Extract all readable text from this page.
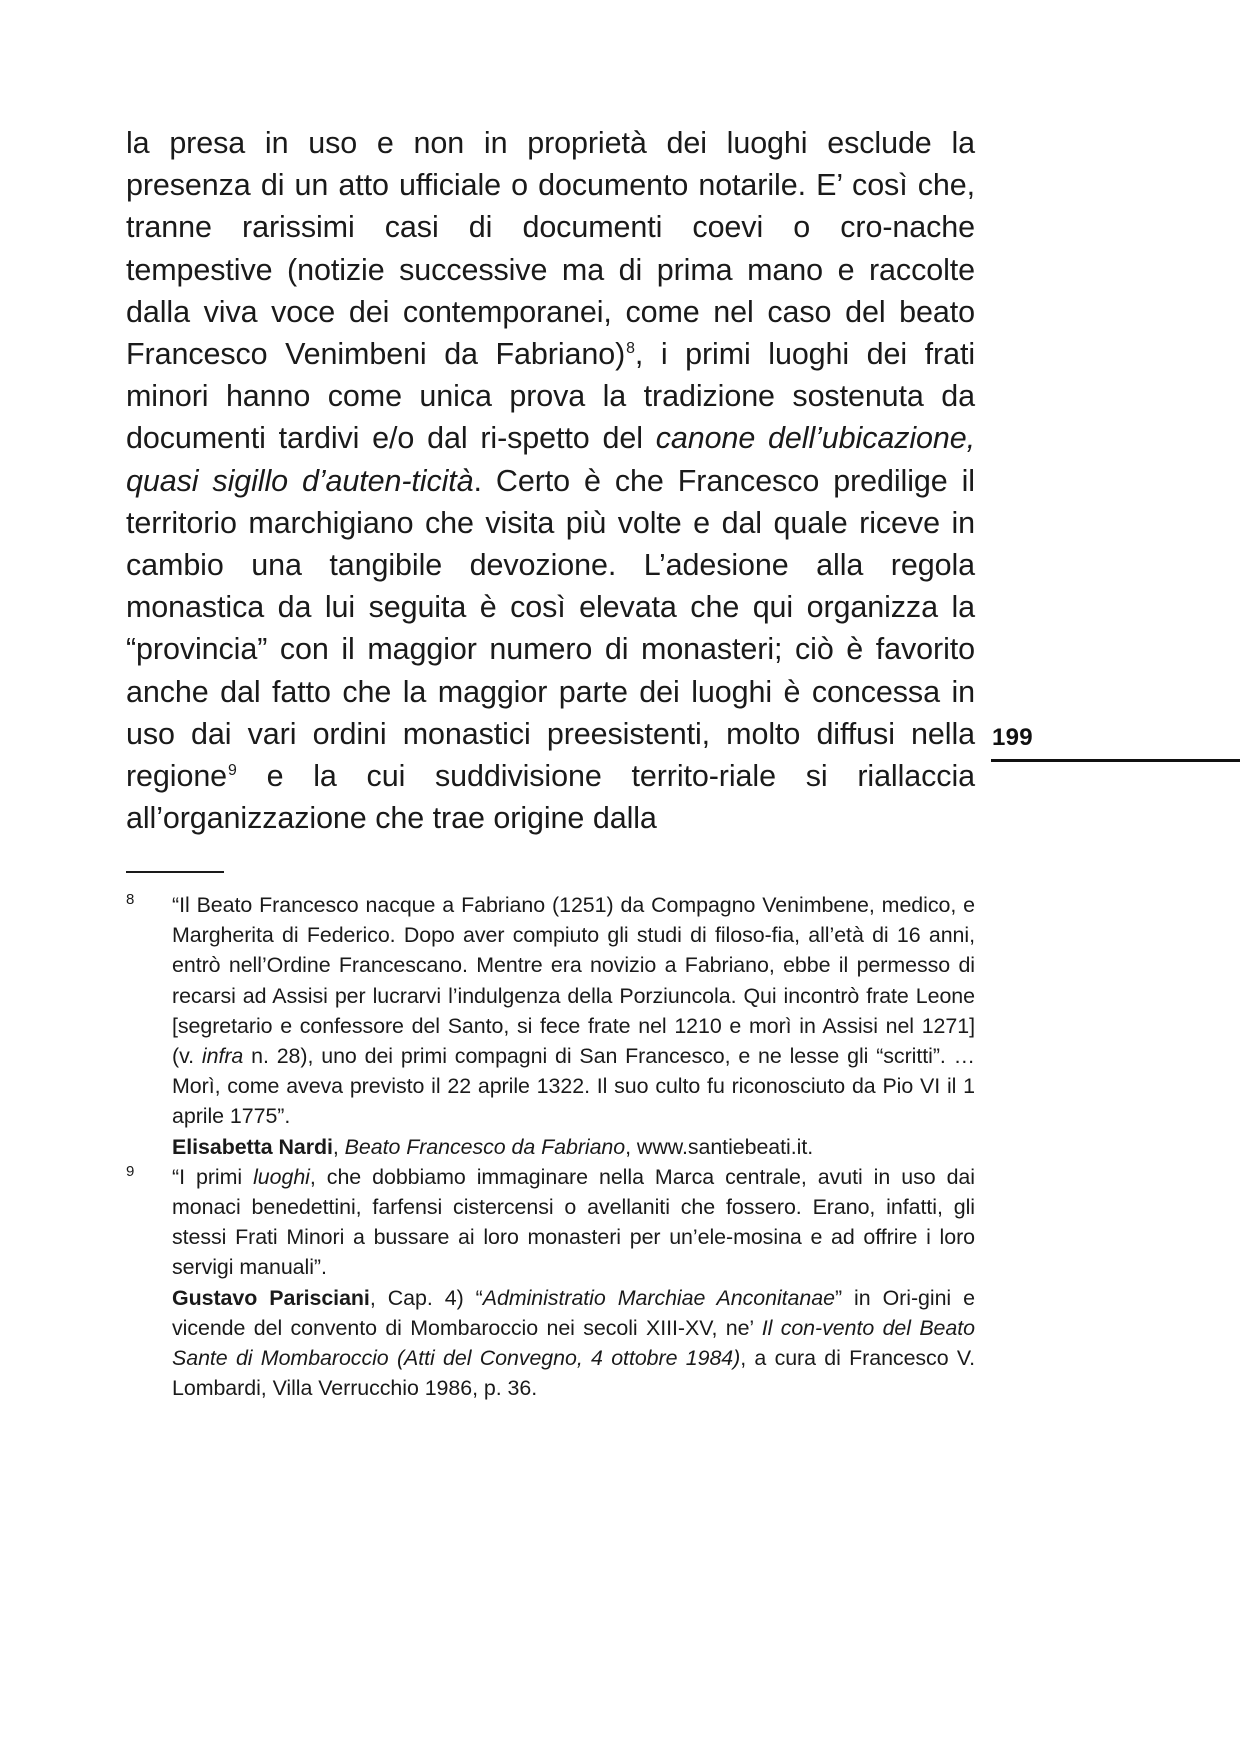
la presa in uso e non in proprietà dei luoghi esclude la presenza di un atto ufficiale o documento notarile. E’ così che, tranne rarissimi casi di documenti coevi o cro-nache tempestive (notizie successive ma di prima mano e raccolte dalla viva voce dei contemporanei, come nel caso del beato Francesco Venimbeni da Fabriano)$^8$, i primi luoghi dei frati minori hanno come unica prova la tradizione sostenuta da documenti tardivi e/o dal ri-spetto del canone dell’ubicazione, quasi sigillo d’auten-ticità. Certo è che Francesco predilige il territorio marchigiano che visita più volte e dal quale riceve in cambio una tangibile devozione. L’adesione alla regola monastica da lui seguita è così elevata che qui organizza la “provincia” con il maggior numero di monasteri; ciò è favorito anche dal fatto che la maggior parte dei luoghi è concessa in uso dai vari ordini monastici preesistenti, molto diffusi nella regione$^9$ e la cui suddivisione territo-riale si riallaccia all’organizzazione che trae origine dalla

199
8	“Il Beato Francesco nacque a Fabriano (1251) da Compagno Venimbene, medico, e Margherita di Federico. Dopo aver compiuto gli studi di filoso-fia, all’età di 16 anni, entrò nell’Ordine Francescano. Mentre era novizio a Fabriano, ebbe il permesso di recarsi ad Assisi per lucrarvi l’indulgenza della Porziuncola. Qui incontrò frate Leone [segretario e confessore del Santo, si fece frate nel 1210 e morì in Assisi nel 1271] (v. infra n. 28), uno dei primi compagni di San Francesco, e ne lesse gli “scritti”. … Morì, come aveva previsto il 22 aprile 1322. Il suo culto fu riconosciuto da Pio VI il 1 aprile 1775”.

Elisabetta Nardi, Beato Francesco da Fabriano, www.santiebeati.it.

9	“I primi luoghi, che dobbiamo immaginare nella Marca centrale, avuti in uso dai monaci benedettini, farfensi cistercensi o avellaniti che fossero. Erano, infatti, gli stessi Frati Minori a bussare ai loro monasteri per un’ele-mosina e ad offrire i loro servigi manuali”.

Gustavo Parisciani, Cap. 4) “Administratio Marchiae Anconitanae” in Ori-gini e vicende del convento di Mombaroccio nei secoli XIII-XV, ne’ Il con-vento del Beato Sante di Mombaroccio (Atti del Convegno, 4 ottobre 1984), a cura di Francesco V. Lombardi, Villa Verrucchio 1986, p. 36.
